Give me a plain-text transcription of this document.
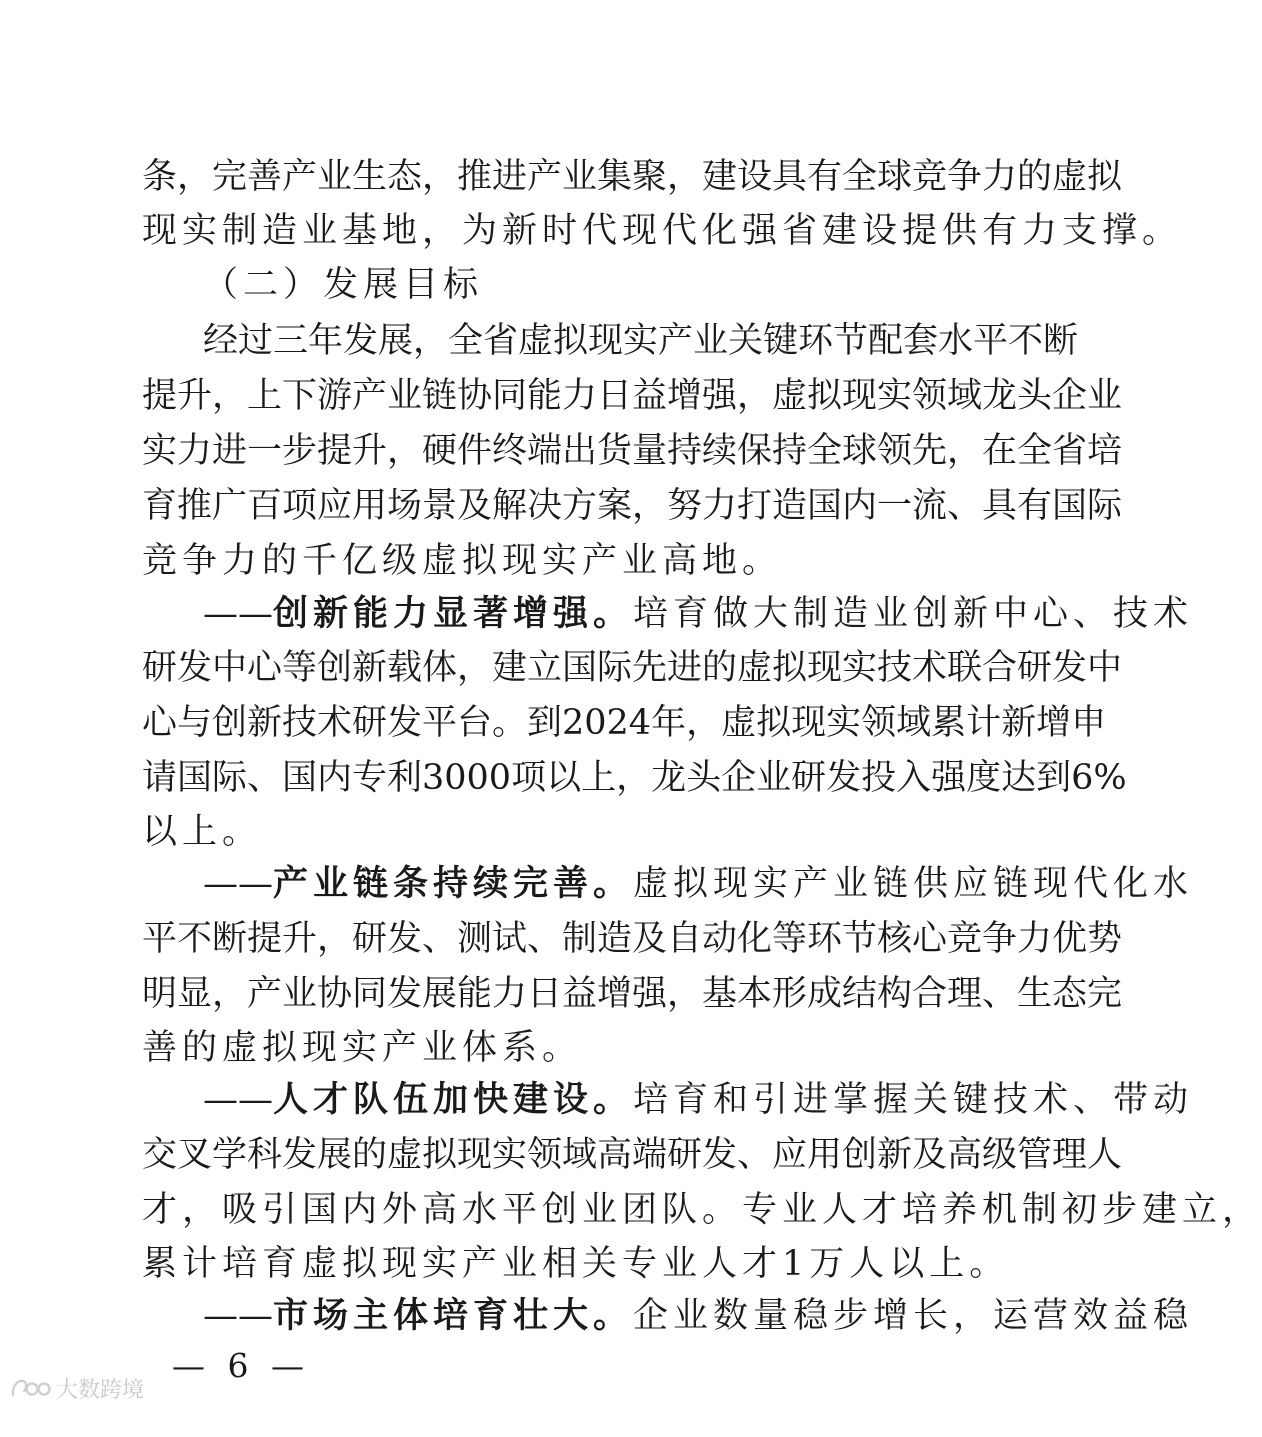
条，完善产业生态，推进产业集聚，建设具有全球竞争力的虚拟
现实制造业基地，为新时代现代化强省建设提供有力支撑。
（二）发展目标
经过三年发展，全省虚拟现实产业关键环节配套水平不断
提升，上下游产业链协同能力日益增强，虚拟现实领域龙头企业
实力进一步提升，硬件终端出货量持续保持全球领先，在全省培
育推广百项应用场景及解决方案，努力打造国内一流、具有国际
竞争力的千亿级虚拟现实产业高地。
——创新能力显著增强。培育做大制造业创新中心、技术
研发中心等创新载体，建立国际先进的虚拟现实技术联合研发中
心与创新技术研发平台。到2024年，虚拟现实领域累计新增申
请国际、国内专利3000项以上，龙头企业研发投入强度达到6%
以上。
——产业链条持续完善。虚拟现实产业链供应链现代化水
平不断提升，研发、测试、制造及自动化等环节核心竞争力优势
明显，产业协同发展能力日益增强，基本形成结构合理、生态完
善的虚拟现实产业体系。
——人才队伍加快建设。培育和引进掌握关键技术、带动
交叉学科发展的虚拟现实领域高端研发、应用创新及高级管理人
才，吸引国内外高水平创业团队。专业人才培养机制初步建立，
累计培育虚拟现实产业相关专业人才1万人以上。
——市场主体培育壮大。企业数量稳步增长，运营效益稳
— 6 —
大数跨境
